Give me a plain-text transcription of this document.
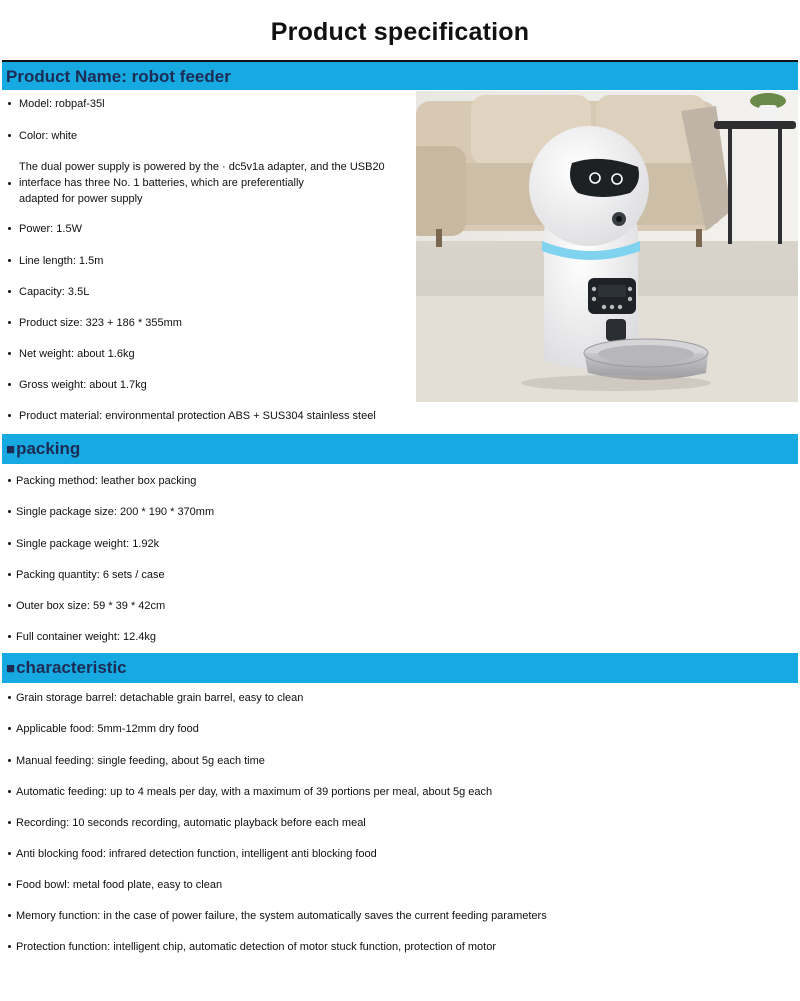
Product specification
Product Name: robot feeder
Model: robpaf-35l
Color: white
The dual power supply is powered by the · dc5v1a adapter, and the USB20
interface has three No. 1 batteries, which are preferentially
adapted for power supply
Power: 1.5W
Line length: 1.5m
Capacity: 3.5L
Product size: 323 + 186 * 355mm
Net weight: about 1.6kg
Gross weight: about 1.7kg
Product material: environmental protection ABS + SUS304 stainless steel
■packing
Packing method: leather box packing
Single package size: 200 * 190 * 370mm
Single package weight: 1.92k
Packing quantity: 6 sets / case
Outer box size: 59 * 39 * 42cm
Full container weight: 12.4kg
■characteristic
Grain storage barrel: detachable grain barrel, easy to clean
Applicable food: 5mm-12mm dry food
Manual feeding: single feeding, about 5g each time
Automatic feeding: up to 4 meals per day, with a maximum of 39 portions per meal, about 5g each
Recording: 10 seconds recording, automatic playback before each meal
Anti blocking food: infrared detection function, intelligent anti blocking food
Food bowl: metal food plate, easy to clean
Memory function: in the case of power failure, the system automatically saves the current feeding parameters
Protection function: intelligent chip, automatic detection of motor stuck function, protection of motor
